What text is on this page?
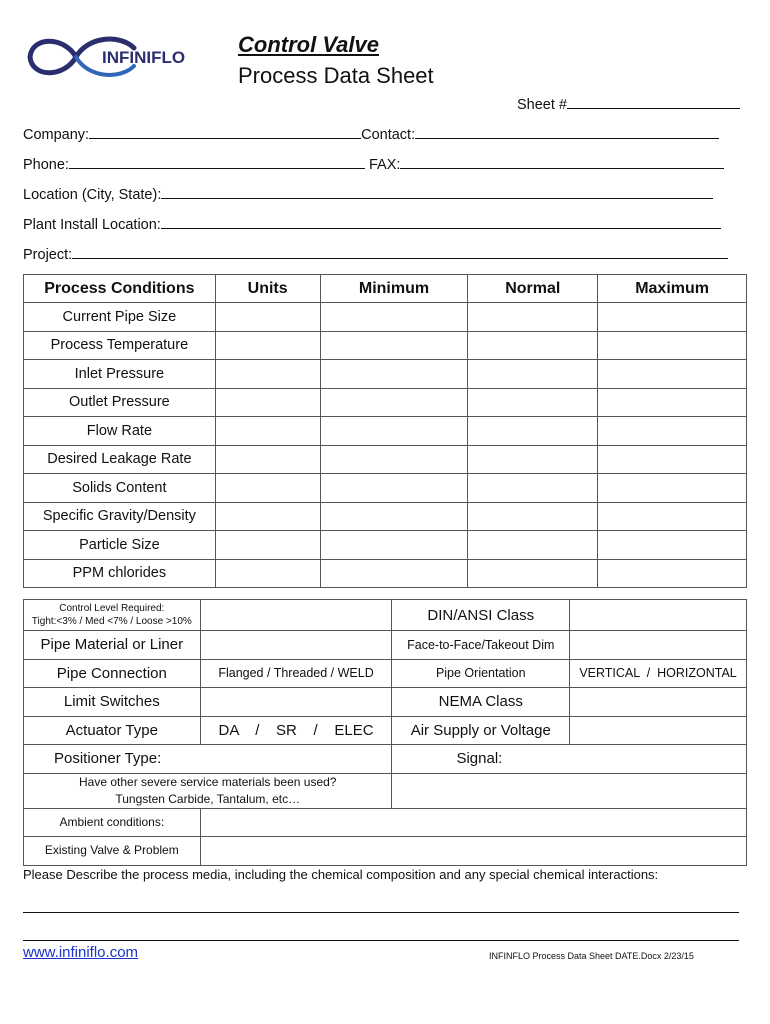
INFINIFLO
Control Valve
Process Data Sheet
Sheet #
Company:	Contact:
Phone:	FAX:
Location (City, State):
Plant Install Location:
Project:
Process Conditions	Units	Minimum	Normal	Maximum
Current Pipe Size				
Process Temperature				
Inlet Pressure				
Outlet Pressure				
Flow Rate				
Desired Leakage Rate				
Solids Content				
Specific Gravity/Density				
Particle Size				
PPM chlorides				
Control Level Required:
Tight:<3% / Med <7% / Loose >10%		DIN/ANSI Class	
Pipe Material or Liner		Face-to-Face/Takeout Dim	
Pipe Connection	Flanged / Threaded / WELD	Pipe Orientation	VERTICAL  /  HORIZONTAL
Limit Switches		NEMA Class	
Actuator Type	DA    /    SR    /    ELEC	Air Supply or Voltage	
Positioner Type:		Signal:	

Have other severe service materials been used?
Tungsten Carbide, Tantalum, etc…			

Ambient conditions:			
Existing Valve & Problem			
Please Describe the process media, including the chemical composition and any special chemical interactions:
www.infiniflo.com	INFINFLO Process Data Sheet DATE.Docx 2/23/15
